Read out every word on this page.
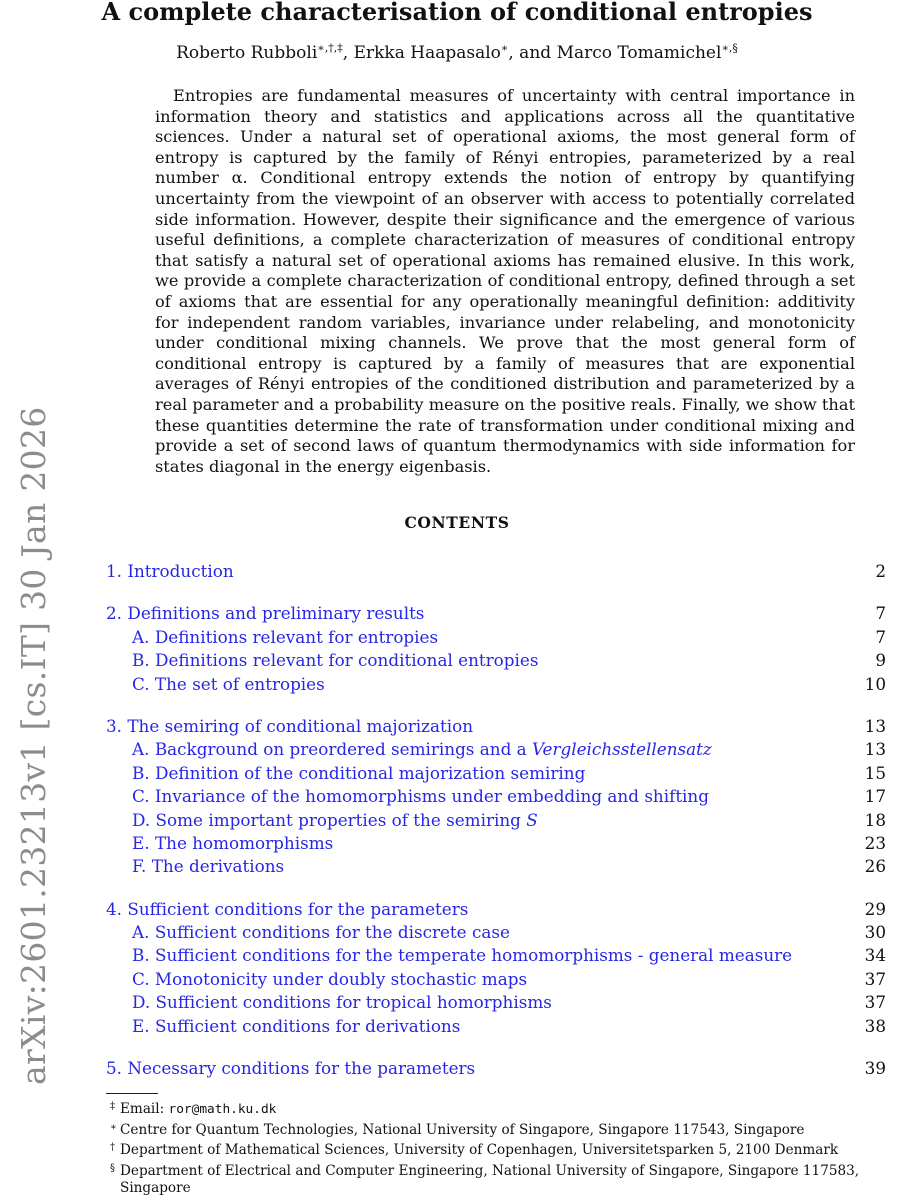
arXiv:2601.23213v1 [cs.IT] 30 Jan 2026
A complete characterisation of conditional entropies

Roberto Rubboli∗,†,‡, Erkka Haapasalo∗, and Marco Tomamichel∗,§

Entropies are fundamental measures of uncertainty with central importance in information theory and statistics and applications across all the quantitative sciences. Under a natural set of operational axioms, the most general form of entropy is captured by the family of Rényi entropies, parameterized by a real number α. Conditional entropy extends the notion of entropy by quantifying uncertainty from the viewpoint of an observer with access to potentially correlated side information. However, despite their significance and the emergence of various useful definitions, a complete characterization of measures of conditional entropy that satisfy a natural set of operational axioms has remained elusive. In this work, we provide a complete characterization of conditional entropy, defined through a set of axioms that are essential for any operationally meaningful definition: additivity for independent random variables, invariance under relabeling, and monotonicity under conditional mixing channels. We prove that the most general form of conditional entropy is captured by a family of measures that are exponential averages of Rényi entropies of the conditioned distribution and parameterized by a real parameter and a probability measure on the positive reals. Finally, we show that these quantities determine the rate of transformation under conditional mixing and provide a set of second laws of quantum thermodynamics with side information for states diagonal in the energy eigenbasis.

CONTENTS
1. Introduction	2
2. Definitions and preliminary results	7
A. Definitions relevant for entropies	7
B. Definitions relevant for conditional entropies	9
C. The set of entropies	10
3. The semiring of conditional majorization	13
A. Background on preordered semirings and a Vergleichsstellensatz	13
B. Definition of the conditional majorization semiring	15
C. Invariance of the homomorphisms under embedding and shifting	17
D. Some important properties of the semiring S	18
E. The homomorphisms	23
F. The derivations	26
4. Sufficient conditions for the parameters	29
A. Sufficient conditions for the discrete case	30
B. Sufficient conditions for the temperate homomorphisms - general measure	34
C. Monotonicity under doubly stochastic maps	37
D. Sufficient conditions for tropical homorphisms	37
E. Sufficient conditions for derivations	38
5. Necessary conditions for the parameters	39

‡ Email: ror@math.ku.dk

∗ Centre for Quantum Technologies, National University of Singapore, Singapore 117543, Singapore

† Department of Mathematical Sciences, University of Copenhagen, Universitetsparken 5, 2100 Denmark

§ Department of Electrical and Computer Engineering, National University of Singapore, Singapore 117583, Singapore
